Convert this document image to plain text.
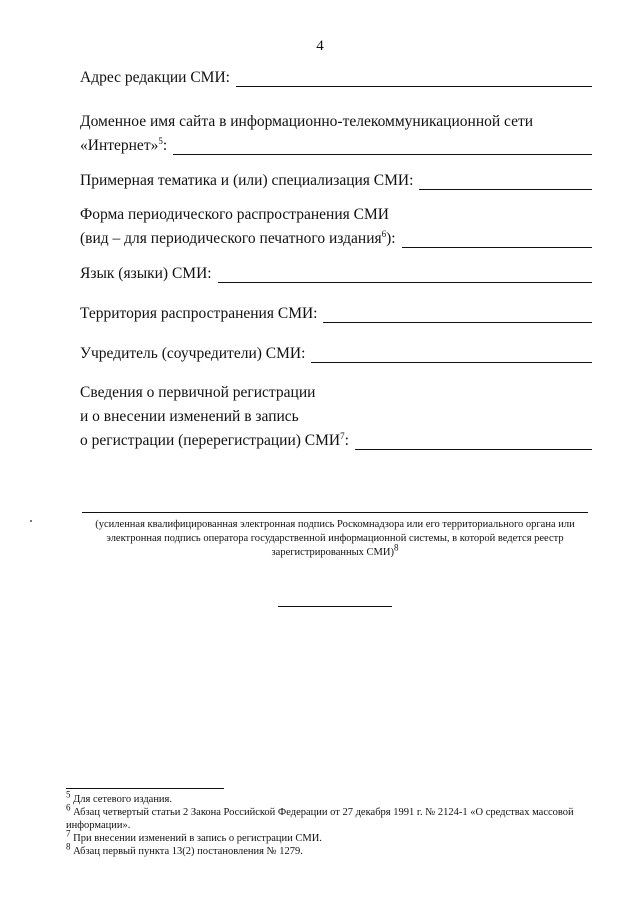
4
Адрес редакции СМИ:
Доменное имя сайта в информационно-телекоммуникационной сети
«Интернет»$^5$:
Примерная тематика и (или) специализация СМИ:
Форма периодического распространения СМИ
(вид – для периодического печатного издания$^6$):
Язык (языки) СМИ:
Территория распространения СМИ:
Учредитель (соучредители) СМИ:
Сведения о первичной регистрации
и о внесении изменений в запись
о регистрации (перерегистрации) СМИ$^7$:
(усиленная квалифицированная электронная подпись Роскомнадзора или его территориального органа или
электронная подпись оператора государственной информационной системы, в которой ведется реестр
зарегистрированных СМИ)$^8$

$^5$ Для сетевого издания.

$^6$ Абзац четвертый статьи 2 Закона Российской Федерации от 27 декабря 1991 г. № 2124-1 «О средствах массовой информации».

$^7$ При внесении изменений в запись о регистрации СМИ.

$^8$ Абзац первый пункта 13(2) постановления № 1279.
